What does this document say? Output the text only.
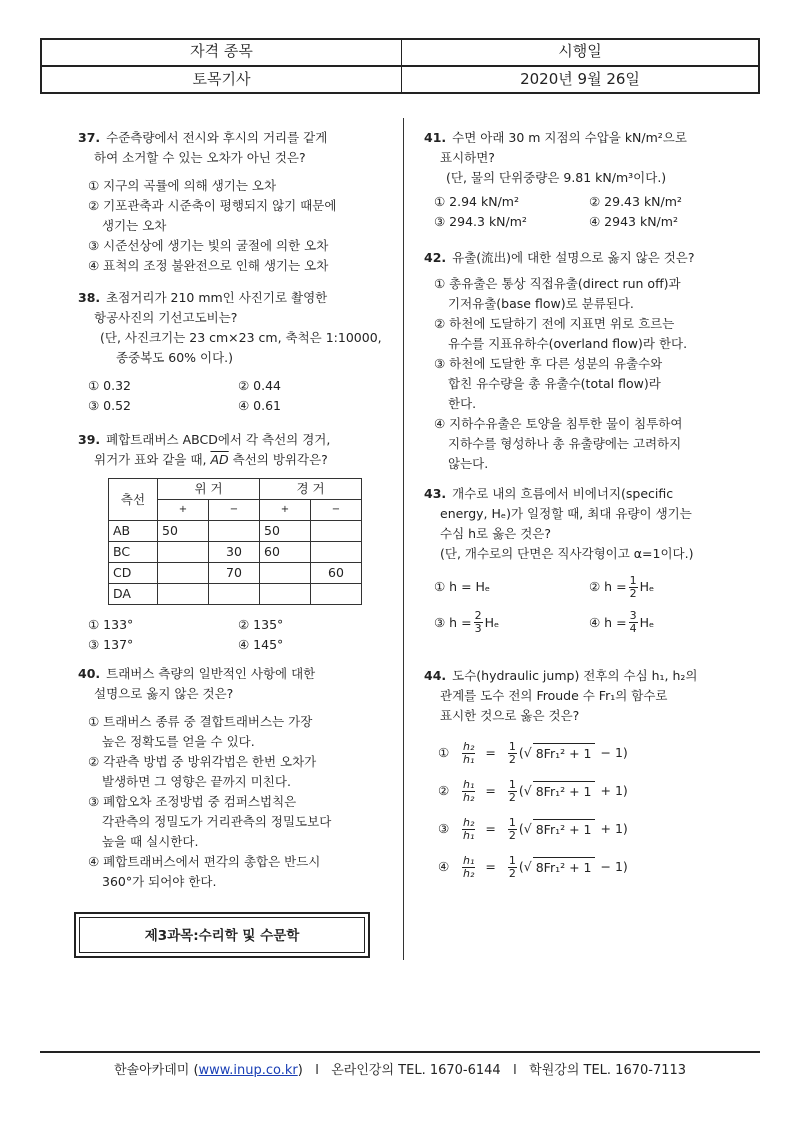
자격 종목	시행일
토목기사	2020년 9월 26일
37. 수준측량에서 전시와 후시의 거리를 같게
하여 소거할 수 있는 오차가 아닌 것은?
① 지구의 곡률에 의해 생기는 오차
② 기포관축과 시준축이 평행되지 않기 때문에
생기는 오차
③ 시준선상에 생기는 빛의 굴절에 의한 오차
④ 표척의 조정 불완전으로 인해 생기는 오차
38. 초점거리가 210 mm인 사진기로 촬영한
항공사진의 기선고도비는?
(단, 사진크기는 23 cm×23 cm, 축척은 1:10000,
종중복도 60% 이다.)
① 0.32	② 0.44
③ 0.52	④ 0.61
39. 폐합트래버스 ABCD에서 각 측선의 경거,
위거가 표와 같을 때, $\overline{AD}$ 측선의 방위각은?
측선	위 거		경 거	
	+	−	+	−
AB	50		50	
BC		30	60	
CD		70		60
DA				
① 133°	② 135°
③ 137°	④ 145°
40. 트래버스 측량의 일반적인 사항에 대한
설명으로 옳지 않은 것은?
① 트래버스 종류 중 결합트래버스는 가장
높은 정확도를 얻을 수 있다.
② 각관측 방법 중 방위각법은 한번 오차가
발생하면 그 영향은 끝까지 미친다.
③ 폐합오차 조정방법 중 컴퍼스법칙은
각관측의 정밀도가 거리관측의 정밀도보다
높을 때 실시한다.
④ 폐합트래버스에서 편각의 총합은 반드시
360°가 되어야 한다.
제3과목:수리학 및 수문학
41. 수면 아래 30 m 지점의 수압을 kN/m²으로
표시하면?
(단, 물의 단위중량은 9.81 kN/m³이다.)
① 2.94 kN/m²	② 29.43 kN/m²
③ 294.3 kN/m²	④ 2943 kN/m²
42. 유출(流出)에 대한 설명으로 옳지 않은 것은?
① 총유출은 통상 직접유출(direct run off)과
기저유출(base flow)로 분류된다.
② 하천에 도달하기 전에 지표면 위로 흐르는
유수를 지표유하수(overland flow)라 한다.
③ 하천에 도달한 후 다른 성분의 유출수와
합친 유수량을 총 유출수(total flow)라
한다.
④ 지하수유출은 토양을 침투한 물이 침투하여
지하수를 형성하나 총 유출량에는 고려하지
않는다.
43. 개수로 내의 흐름에서 비에너지(specific
energy, Hₑ)가 일정할 때, 최대 유량이 생기는
수심 h로 옳은 것은?
(단, 개수로의 단면은 직사각형이고 α=1이다.)
① h = Hₑ	② $h = \frac{1}{2}$ Hₑ
③ $h = \frac{2}{3}$ Hₑ	④ $h = \frac{3}{4}$ Hₑ
44. 도수(hydraulic jump) 전후의 수심 h₁, h₂의
관계를 도수 전의 Froude 수 Fr₁의 함수로
표시한 것으로 옳은 것은?
①	$\frac{\text{h₂}}{\text{h₁}} = \frac{1}{2}$ ( √ 8Fr₁² + 1 − 1)
②	$\frac{\text{h₁}}{\text{h₂}} = \frac{1}{2}$ ( √ 8Fr₁² + 1 + 1)
③	$\frac{\text{h₂}}{\text{h₁}} = \frac{1}{2}$ ( √ 8Fr₁² + 1 + 1)
④	$\frac{\text{h₁}}{\text{h₂}} = \frac{1}{2}$ ( √ 8Fr₁² + 1 − 1)
한솔아카데미 (www.inup.co.kr) l 온라인강의 TEL. 1670-6144 l 학원강의 TEL. 1670-7113
